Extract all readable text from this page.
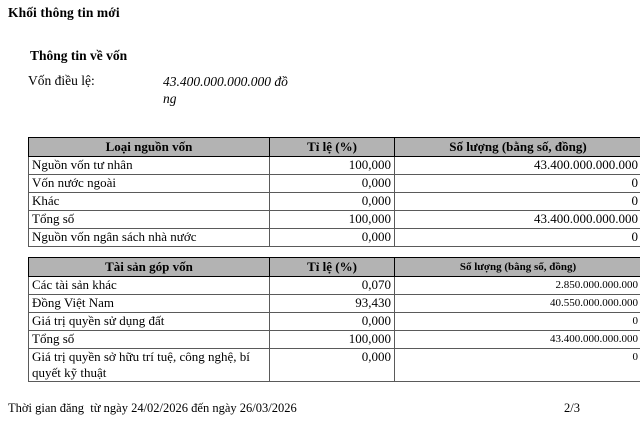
Khối thông tin mới
Thông tin về vốn
Vốn điều lệ:	43.400.000.000.000 đồng
Loại nguồn vốn	Tỉ lệ (%)	Số lượng (bằng số, đồng)
Nguồn vốn tư nhân	100,000	43.400.000.000.000
Vốn nước ngoài	0,000	0
Khác	0,000	0
Tổng số	100,000	43.400.000.000.000
Nguồn vốn ngân sách nhà nước	0,000	0
Tài sản góp vốn	Tỉ lệ (%)	Số lượng (bằng số, đồng)
Các tài sản khác	0,070	2.850.000.000.000
Đồng Việt Nam	93,430	40.550.000.000.000
Giá trị quyền sử dụng đất	0,000	0
Tổng số	100,000	43.400.000.000.000
Giá trị quyền sở hữu trí tuệ, công nghệ, bí quyết kỹ thuật	0,000	0
Thời gian đăng  từ ngày 24/02/2026 đến ngày 26/03/2026	2/3
